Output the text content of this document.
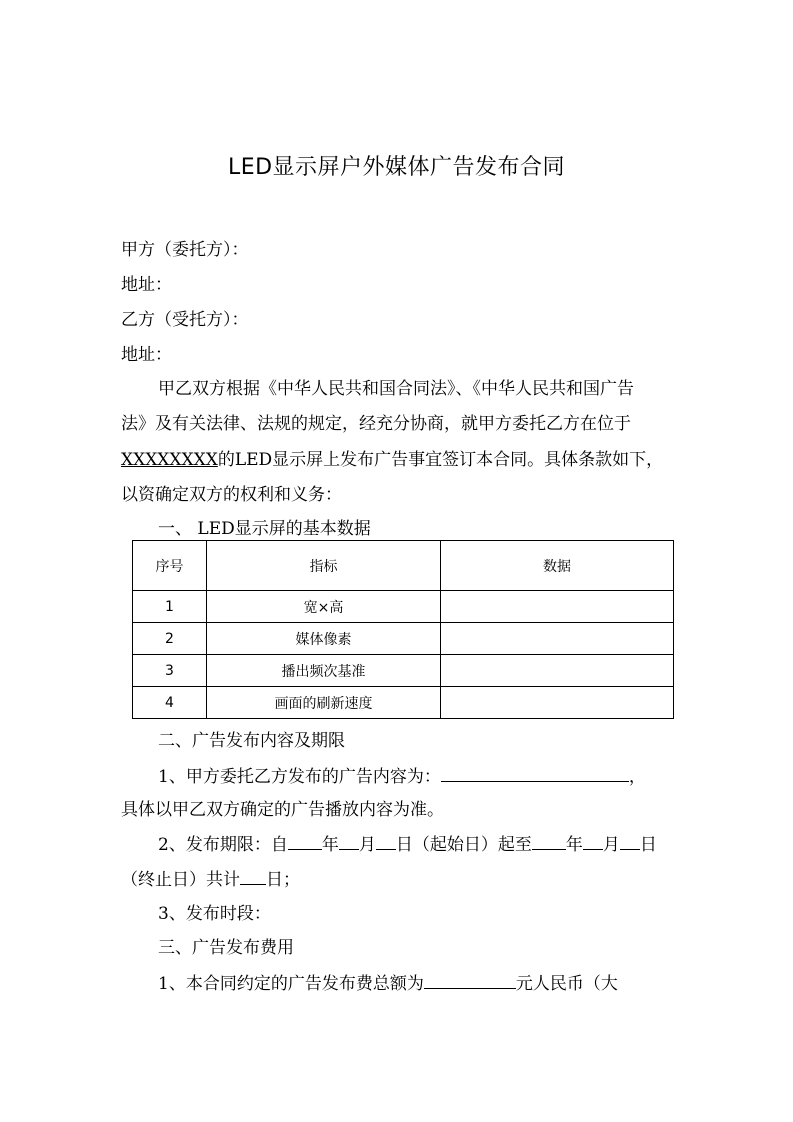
LED显示屏户外媒体广告发布合同
甲方（委托方）：
地址：
乙方（受托方）：
地址：
甲乙双方根据《中华人民共和国合同法》、《中华人民共和国广告
法》及有关法律、法规的规定，经充分协商，就甲方委托乙方在位于
XXXXXXXX的LED显示屏上发布广告事宜签订本合同。具体条款如下，
以资确定双方的权利和义务：
一、 LED显示屏的基本数据
序号	指标	数据
1	宽×高	
2	媒体像素	
3	播出频次基准	
4	画面的刷新速度	
二、广告发布内容及期限
1、甲方委托乙方发布的广告内容为：	，
具体以甲乙双方确定的广告播放内容为准。
2、发布期限：自 年 月 日（起始日）起至 年 月 日
（终止日）共计 日；
3、发布时段：
三、广告发布费用
1、本合同约定的广告发布费总额为	元人民币（大
